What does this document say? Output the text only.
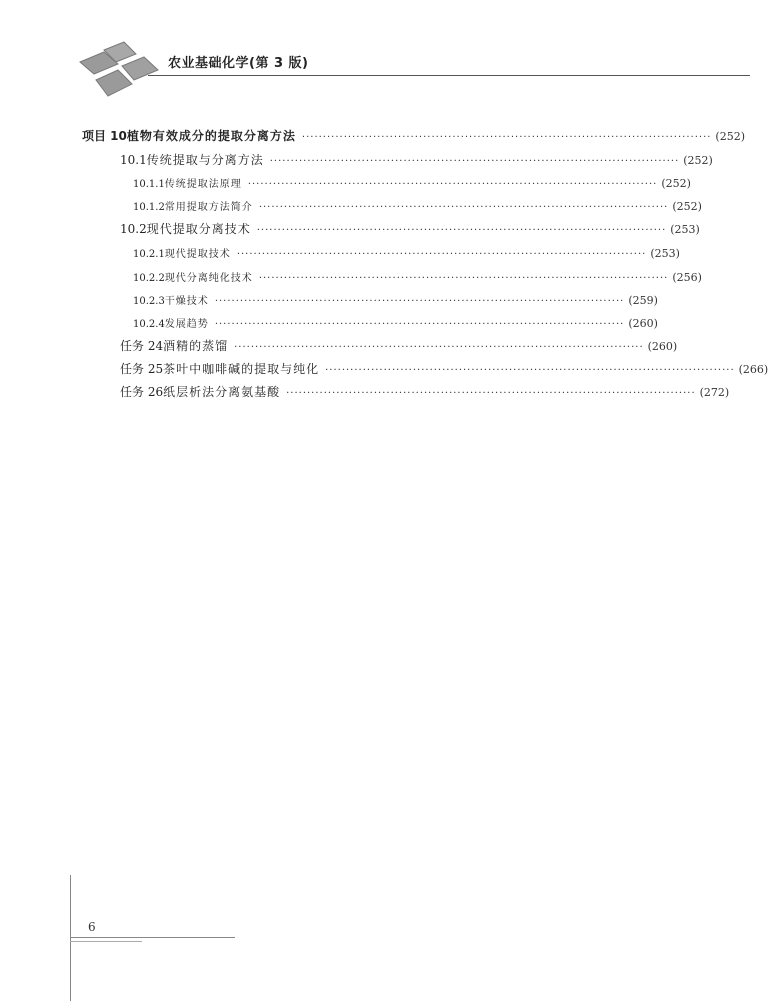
农业基础化学(第 3 版)
项目 10 植物有效成分的提取分离方法 ·································································································· (252)
10.1 传统提取与分离方法 ·································································································· (252)
10.1.1 传统提取法原理 ·································································································· (252)
10.1.2 常用提取方法简介 ·································································································· (252)
10.2 现代提取分离技术 ·································································································· (253)
10.2.1 现代提取技术 ·································································································· (253)
10.2.2 现代分离纯化技术 ·································································································· (256)
10.2.3 干燥技术 ·································································································· (259)
10.2.4 发展趋势 ·································································································· (260)
任务 24 酒精的蒸馏 ·································································································· (260)
任务 25 茶叶中咖啡碱的提取与纯化 ·································································································· (266)
任务 26 纸层析法分离氨基酸 ·································································································· (272)
6
